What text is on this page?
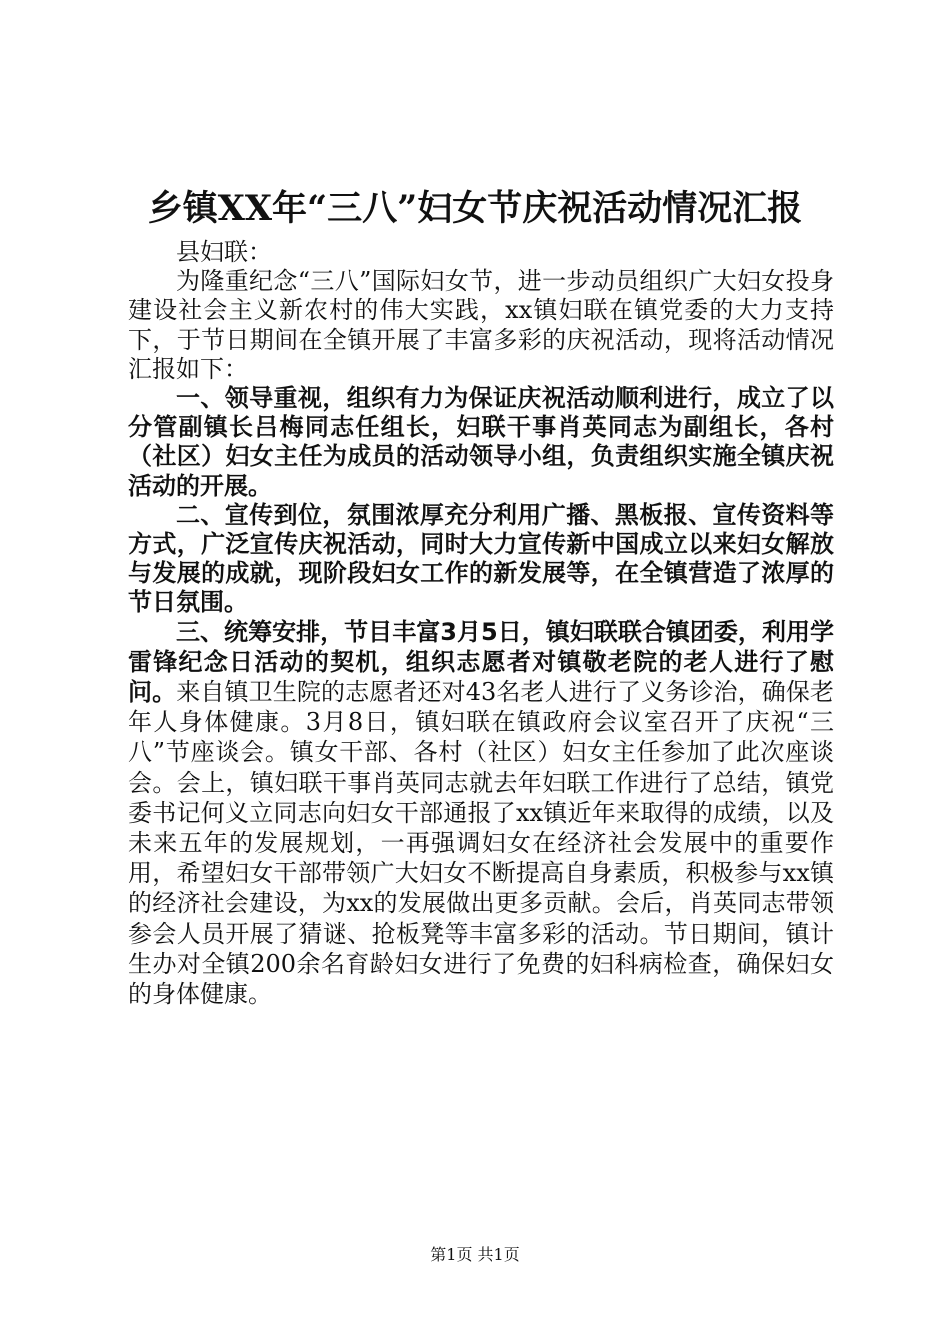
乡镇XX年“三八”妇女节庆祝活动情况汇报

县妇联：

为隆重纪念“三八”国际妇女节，进一步动员组织广大妇女投身建设社会主义新农村的伟大实践，xx镇妇联在镇党委的大力支持下，于节日期间在全镇开展了丰富多彩的庆祝活动，现将活动情况汇报如下：

一、领导重视，组织有力为保证庆祝活动顺利进行，成立了以分管副镇长吕梅同志任组长，妇联干事肖英同志为副组长，各村（社区）妇女主任为成员的活动领导小组，负责组织实施全镇庆祝活动的开展。

二、宣传到位，氛围浓厚充分利用广播、黑板报、宣传资料等方式，广泛宣传庆祝活动，同时大力宣传新中国成立以来妇女解放与发展的成就，现阶段妇女工作的新发展等，在全镇营造了浓厚的节日氛围。

三、统筹安排，节目丰富3月5日，镇妇联联合镇团委，利用学雷锋纪念日活动的契机，组织志愿者对镇敬老院的老人进行了慰问。来自镇卫生院的志愿者还对43名老人进行了义务诊治，确保老年人身体健康。3月8日，镇妇联在镇政府会议室召开了庆祝“三八”节座谈会。镇女干部、各村（社区）妇女主任参加了此次座谈会。会上，镇妇联干事肖英同志就去年妇联工作进行了总结，镇党委书记何义立同志向妇女干部通报了xx镇近年来取得的成绩，以及未来五年的发展规划，一再强调妇女在经济社会发展中的重要作用，希望妇女干部带领广大妇女不断提高自身素质，积极参与xx镇的经济社会建设，为xx的发展做出更多贡献。会后，肖英同志带领参会人员开展了猜谜、抢板凳等丰富多彩的活动。节日期间，镇计生办对全镇200余名育龄妇女进行了免费的妇科病检查，确保妇女的身体健康。

第1页 共1页
